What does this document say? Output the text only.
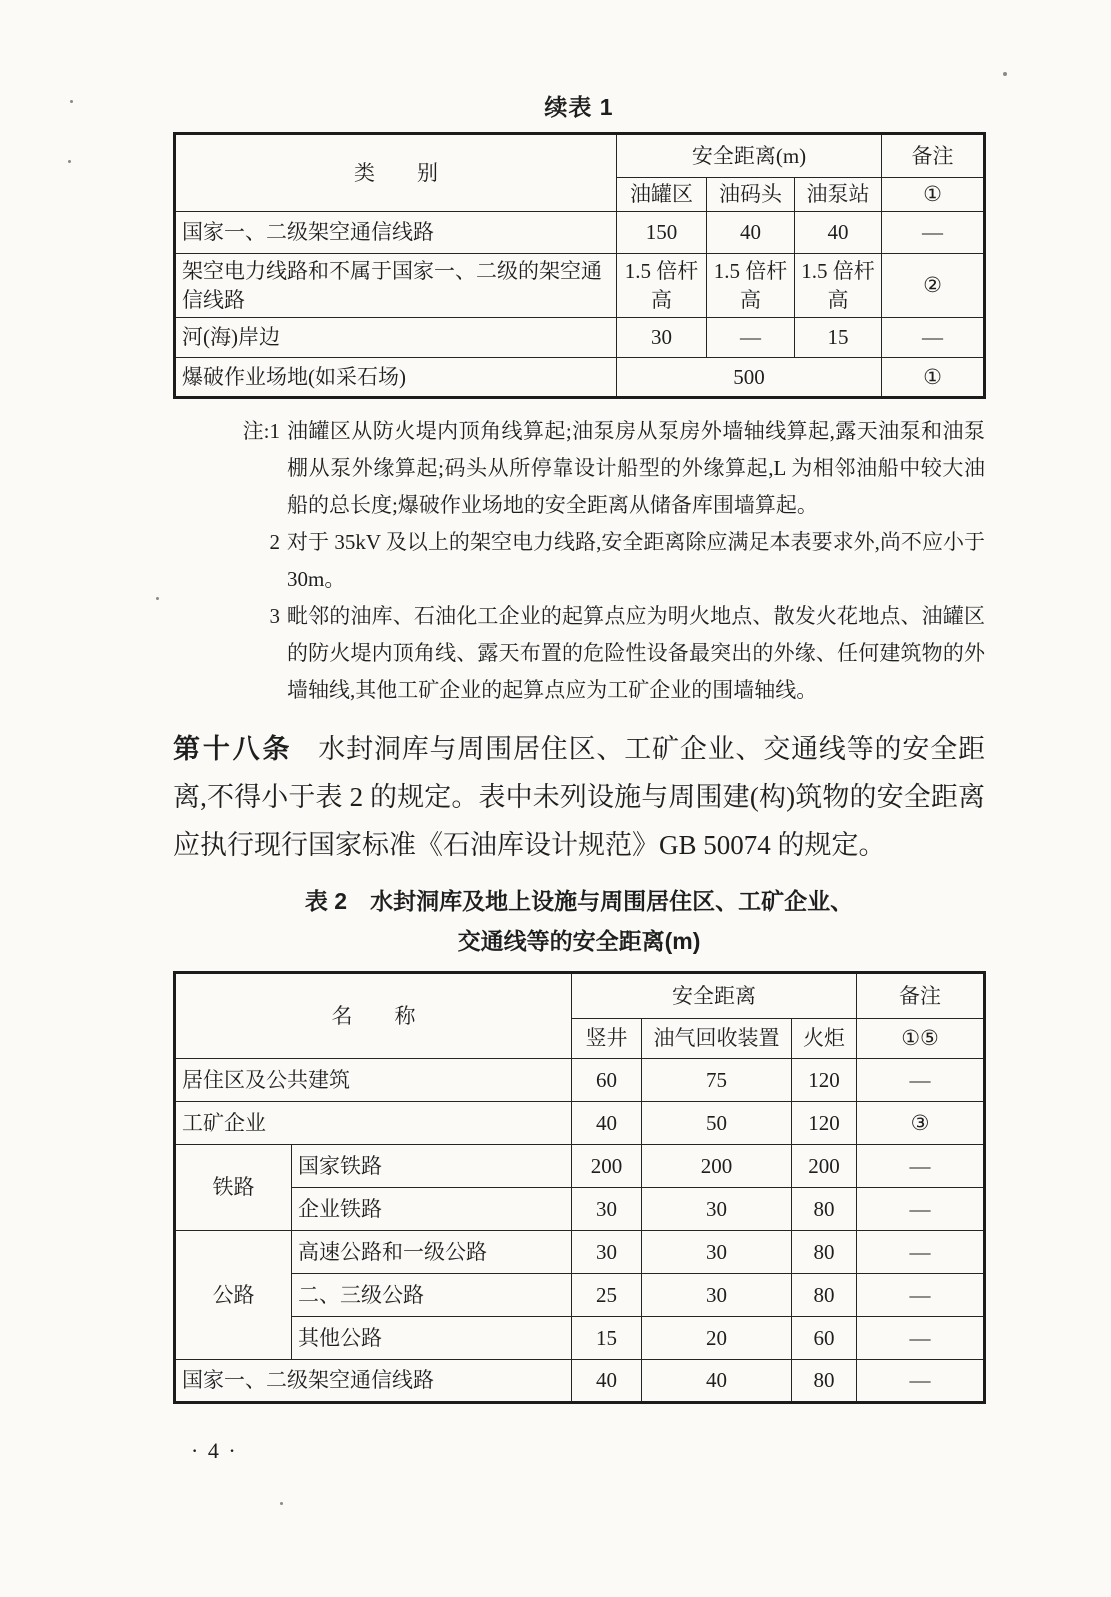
续表 1
类　　别	安全距离(m)			备注
	油罐区	油码头	油泵站	①
国家一、二级架空通信线路	150	40	40	—
架空电力线路和不属于国家一、二级的架空通信线路	1.5 倍杆高	1.5 倍杆高	1.5 倍杆高	②
河(海)岸边	30	—	15	—
爆破作业场地(如采石场)	500			①
注:1 油罐区从防火堤内顶角线算起;油泵房从泵房外墙轴线算起,露天油泵和油泵棚从泵外缘算起;码头从所停靠设计船型的外缘算起,L 为相邻油船中较大油船的总长度;爆破作业场地的安全距离从储备库围墙算起。
2 对于 35kV 及以上的架空电力线路,安全距离除应满足本表要求外,尚不应小于 30m。
3 毗邻的油库、石油化工企业的起算点应为明火地点、散发火花地点、油罐区的防火堤内顶角线、露天布置的危险性设备最突出的外缘、任何建筑物的外墙轴线,其他工矿企业的起算点应为工矿企业的围墙轴线。

第十八条 水封洞库与周围居住区、工矿企业、交通线等的安全距离,不得小于表 2 的规定。表中未列设施与周围建(构)筑物的安全距离应执行现行国家标准《石油库设计规范》GB 50074 的规定。

表 2　水封洞库及地上设施与周围居住区、工矿企业、
交通线等的安全距离(m)
名　　称		安全距离			备注
		竖井	油气回收装置	火炬	①⑤
居住区及公共建筑		60	75	120	—
工矿企业		40	50	120	③
铁路	国家铁路	200	200	200	—
	企业铁路	30	30	80	—
公路	高速公路和一级公路	30	30	80	—
	二、三级公路	25	30	80	—
	其他公路	15	20	60	—
国家一、二级架空通信线路		40	40	80	—
· 4 ·
